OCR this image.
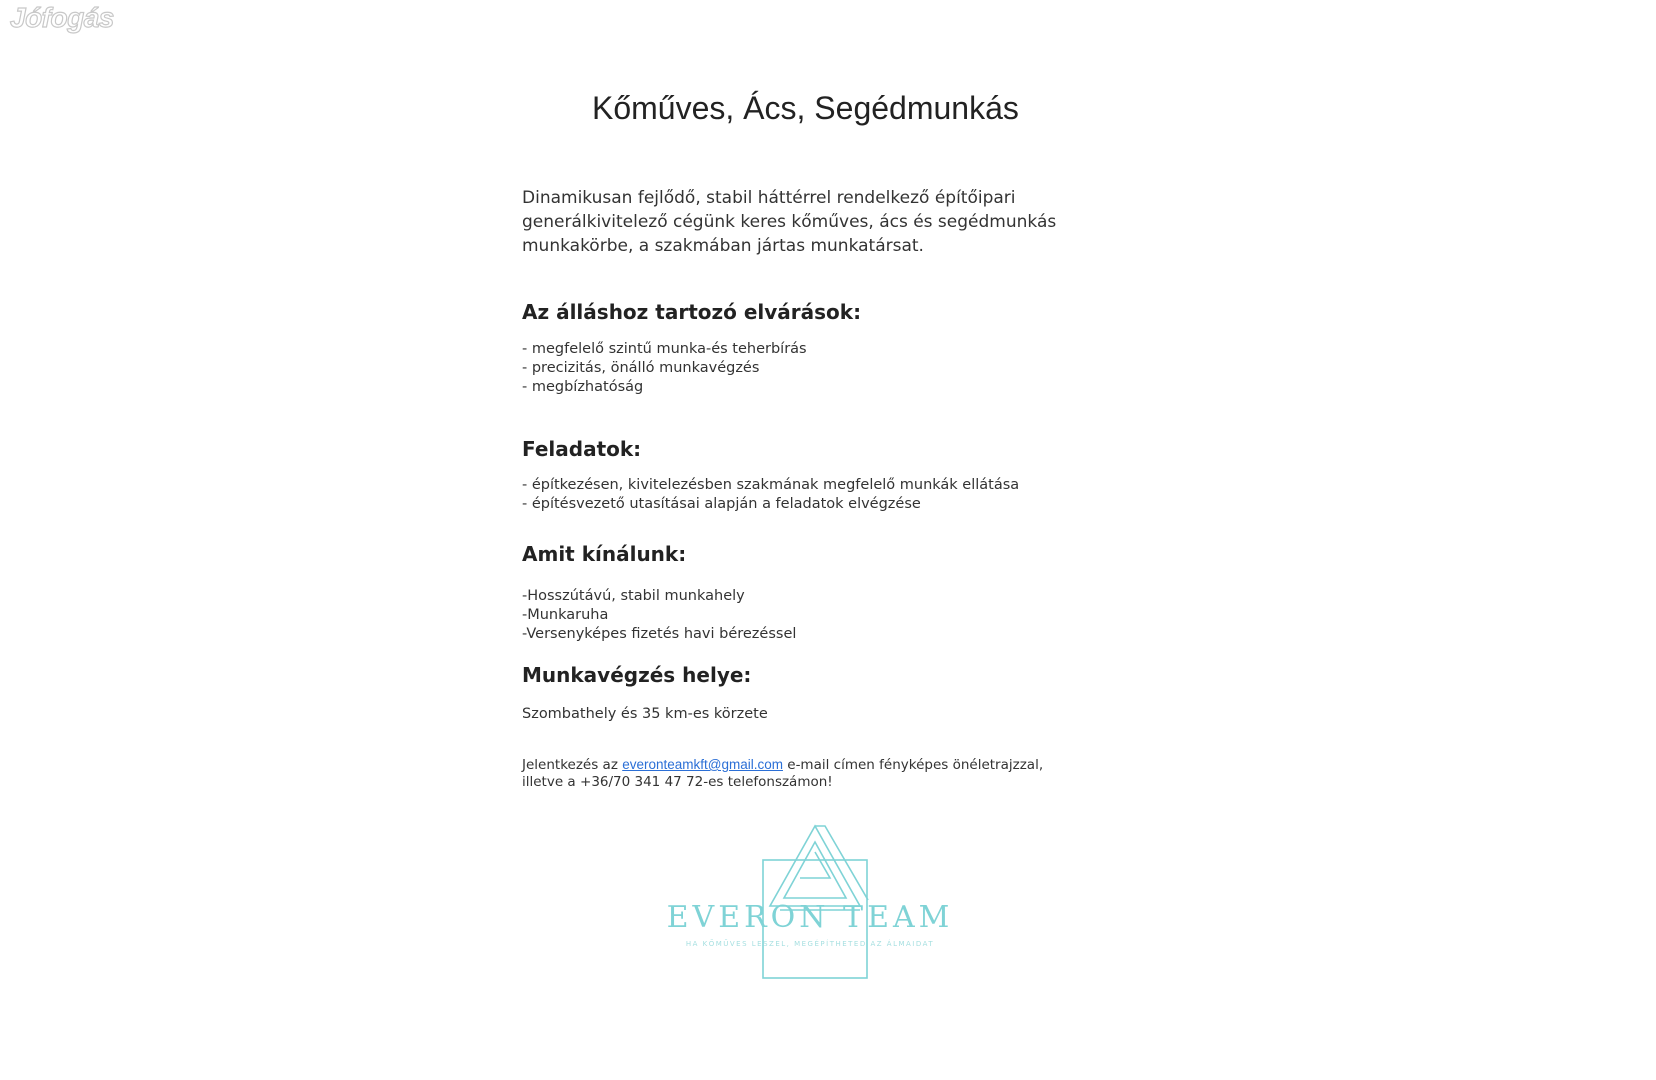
Jófogás
Kőműves, Ács, Segédmunkás

Dinamikusan fejlődő, stabil háttérrel rendelkező építőipari generálkivitelező cégünk keres kőműves, ács és segédmunkás munkakörbe, a szakmában jártas munkatársat.

Az álláshoz tartozó elvárások:
- megfelelő szintű munka-és teherbírás
- precizitás, önálló munkavégzés
- megbízhatóság
Feladatok:
- építkezésen, kivitelezésben szakmának megfelelő munkák ellátása
- építésvezető utasításai alapján a feladatok elvégzése
Amit kínálunk:
-Hosszútávú, stabil munkahely
-Munkaruha
-Versenyképes fizetés havi bérezéssel
Munkavégzés helye:

Szombathely és 35 km-es körzete

Jelentkezés az everonteamkft@gmail.com e-mail címen fényképes önéletrajzzal,
illetve a +36/70 341 47 72-es telefonszámon!

EVERON TEAM
HA KŐMŰVES LESZEL, MEGÉPÍTHETED AZ ÁLMAIDAT
